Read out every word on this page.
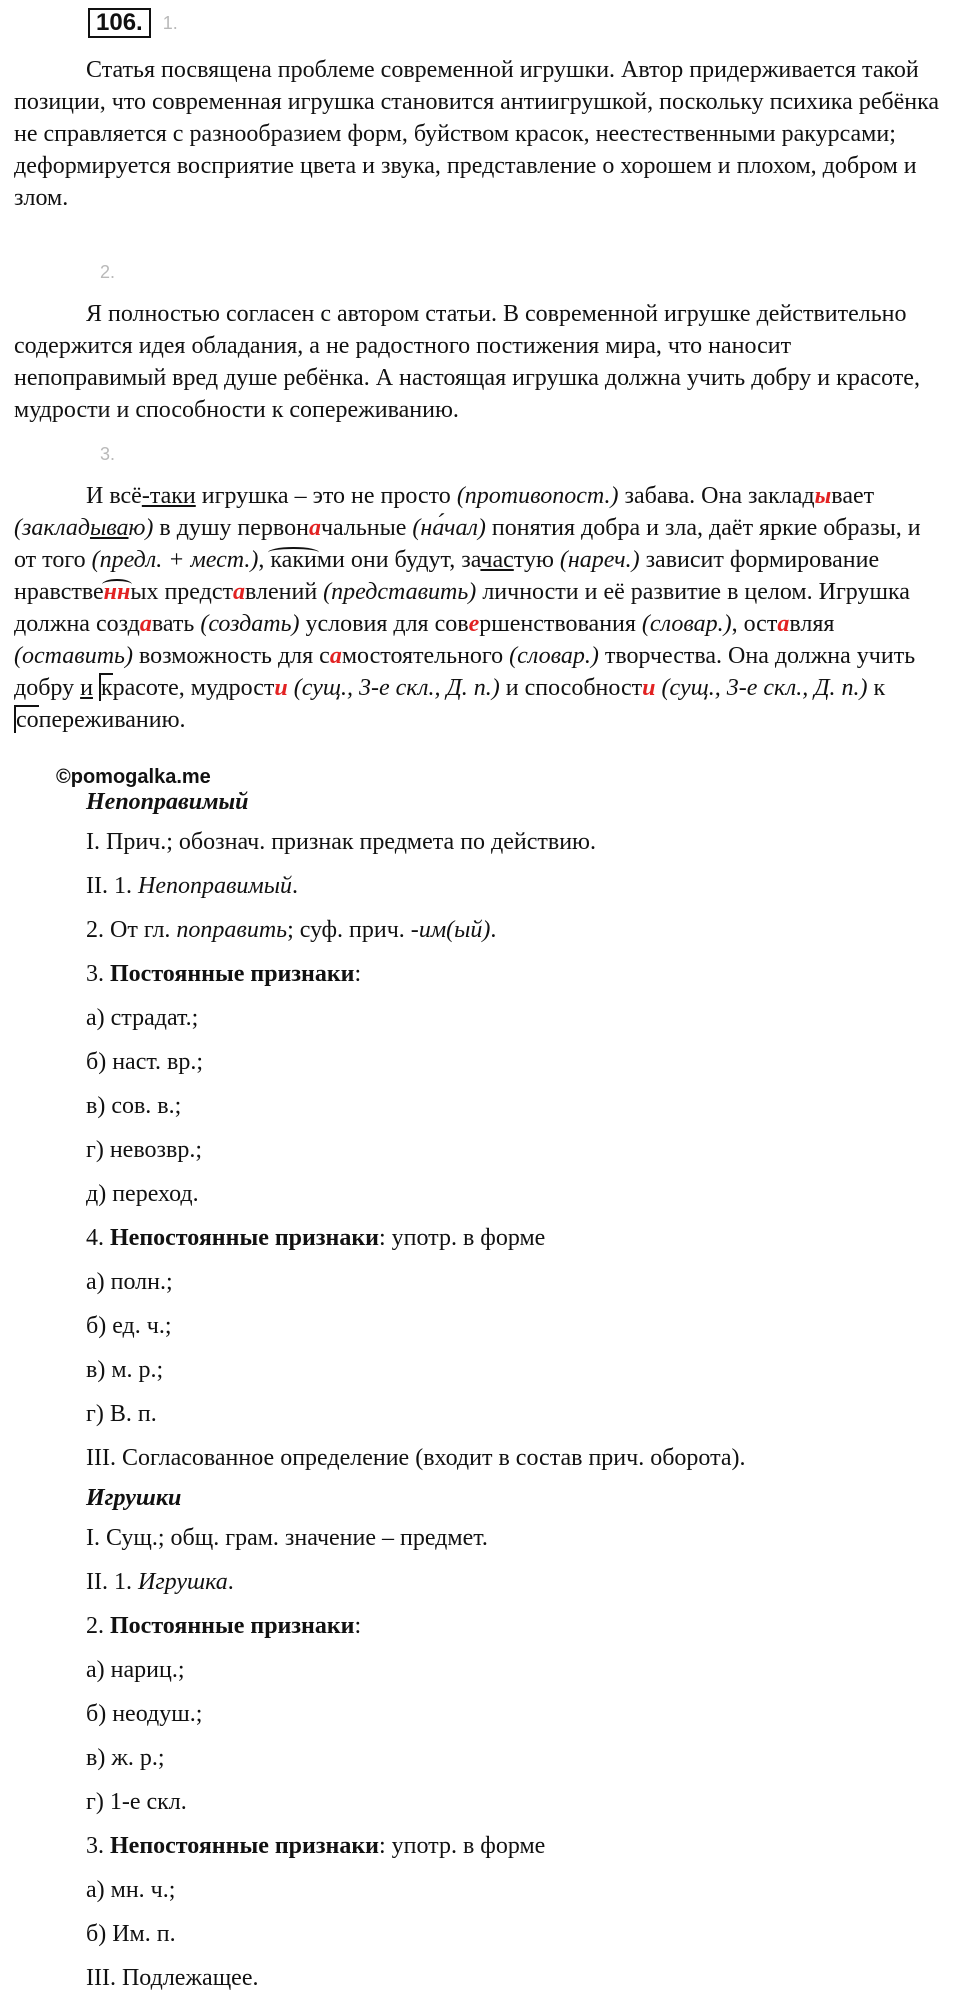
106.	1.

Статья посвящена проблеме современной игрушки. Автор придерживается такой позиции, что современная игрушка становится антиигрушкой, поскольку психика ребёнка не справляется с разнообразием форм, буйством красок, неестественными ракурсами; деформируется восприятие цвета и звука, представление о хорошем и плохом, добром и злом.

2.

Я полностью согласен с автором статьи. В современной игрушке действительно содержится идея обладания, а не радостного постижения мира, что наносит непоправимый вред душе ребёнка. А настоящая игрушка должна учить добру и красоте, мудрости и способности к сопереживанию.

3.

И всё-таки игрушка – это не просто (противопост.) забава. Она закладывает (закладываю) в душу первоначальные (на́чал) понятия добра и зла, даёт яркие образы, и от того (предл. + мест.), какими они будут, зачастую (нареч.) зависит формирование нравственных представлений (представить) личности и её развитие в целом. Игрушка должна создавать (создать) условия для совершенствования (словар.), оставляя (оставить) возможность для самостоятельного (словар.) творчества. Она должна учить добру и красоте, мудрости (сущ., 3-е скл., Д. п.) и способности (сущ., 3-е скл., Д. п.) к сопереживанию.

©pomogalka.me
Непоправимый
I. Прич.; обознач. признак предмета по действию.
II. 1. Непоправимый.
2. От гл. поправить; суф. прич. -им(ый).
3. Постоянные признаки:
а) страдат.;
б) наст. вр.;
в) сов. в.;
г) невозвр.;
д) переход.
4. Непостоянные признаки: употр. в форме
а) полн.;
б) ед. ч.;
в) м. р.;
г) В. п.
III. Согласованное определение (входит в состав прич. оборота).
Игрушки
I. Сущ.; общ. грам. значение – предмет.
II. 1. Игрушка.
2. Постоянные признаки:
а) нариц.;
б) неодуш.;
в) ж. р.;
г) 1-е скл.
3. Непостоянные признаки: употр. в форме
а) мн. ч.;
б) Им. п.
III. Подлежащее.
